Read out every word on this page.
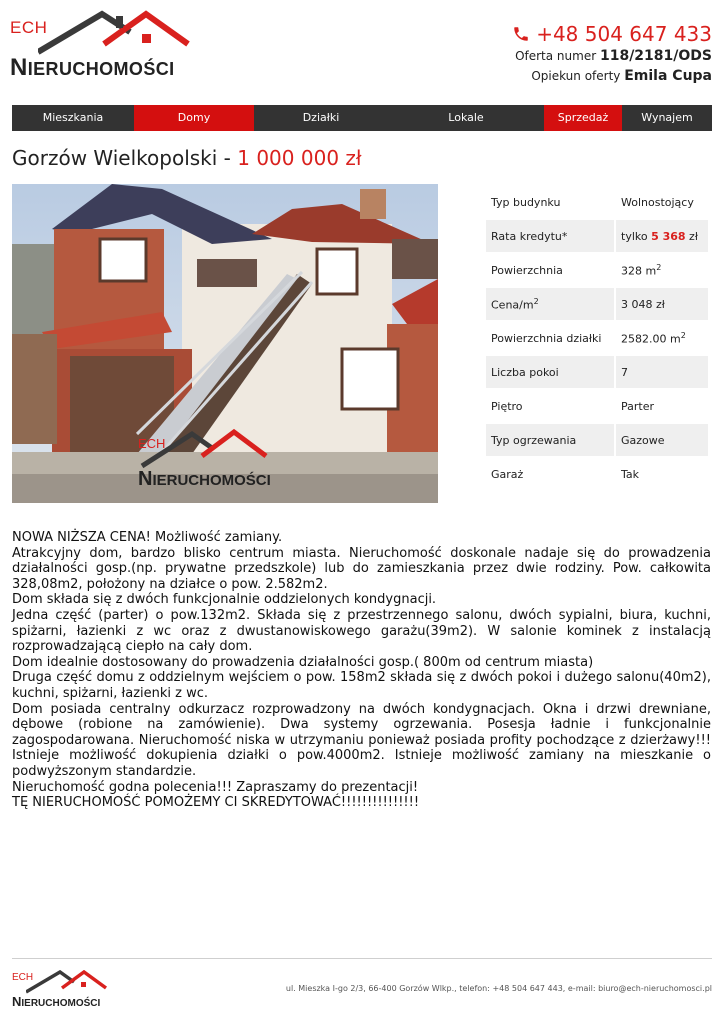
ECH
NIERUCHOMOŚCI
+48 504 647 433
Oferta numer 118/2181/ODS
Opiekun oferty Emila Cupa
Mieszkania	Domy	Działki	Lokale	Sprzedaż	Wynajem
Gorzów Wielkopolski - 1 000 000 zł
ECH
NIERUCHOMOŚCI
Typ budynku	Wolnostojący
Rata kredytu*	tylko 5 368 zł
Powierzchnia	328 $m^2$
Cena/$m^2$	3 048 zł
Powierzchnia działki	2582.00 $m^2$
Liczba pokoi	7
Piętro	Parter
Typ ogrzewania	Gazowe
Garaż	Tak

NOWA NIŻSZA CENA! Możliwość zamiany.

Atrakcyjny dom, bardzo blisko centrum miasta. Nieruchomość doskonale nadaje się do prowadzenia działalności gosp.(np. prywatne przedszkole) lub do zamieszkania przez dwie rodziny. Pow. całkowita 328,08m2, położony na działce o pow. 2.582m2.

Dom składa się z dwóch funkcjonalnie oddzielonych kondygnacji.

Jedna część (parter) o pow.132m2. Składa się z przestrzennego salonu, dwóch sypialni, biura, kuchni, spiżarni, łazienki z wc oraz z dwustanowiskowego garażu(39m2). W salonie kominek z instalacją rozprowadzającą ciepło na cały dom.

Dom idealnie dostosowany do prowadzenia działalności gosp.( 800m od centrum miasta)

Druga część domu z oddzielnym wejściem o pow. 158m2 składa się z dwóch pokoi i dużego salonu(40m2), kuchni, spiżarni, łazienki z wc.

Dom posiada centralny odkurzacz rozprowadzony na dwóch kondygnacjach. Okna i drzwi drewniane, dębowe (robione na zamówienie). Dwa systemy ogrzewania. Posesja ładnie i funkcjonalnie zagospodarowana. Nieruchomość niska w utrzymaniu ponieważ posiada profity pochodzące z dzierżawy!!! Istnieje możliwość dokupienia działki o pow.4000m2. Istnieje możliwość zamiany na mieszkanie o podwyższonym standardzie.

Nieruchomość godna polecenia!!! Zapraszamy do prezentacji!

TĘ NIERUCHOMOŚĆ POMOŻEMY CI SKREDYTOWAĆ!!!!!!!!!!!!!!!

ECH
NIERUCHOMOŚCI
ul. Mieszka I-go 2/3, 66-400 Gorzów Wlkp., telefon: +48 504 647 443, e-mail: biuro@ech-nieruchomosci.pl
